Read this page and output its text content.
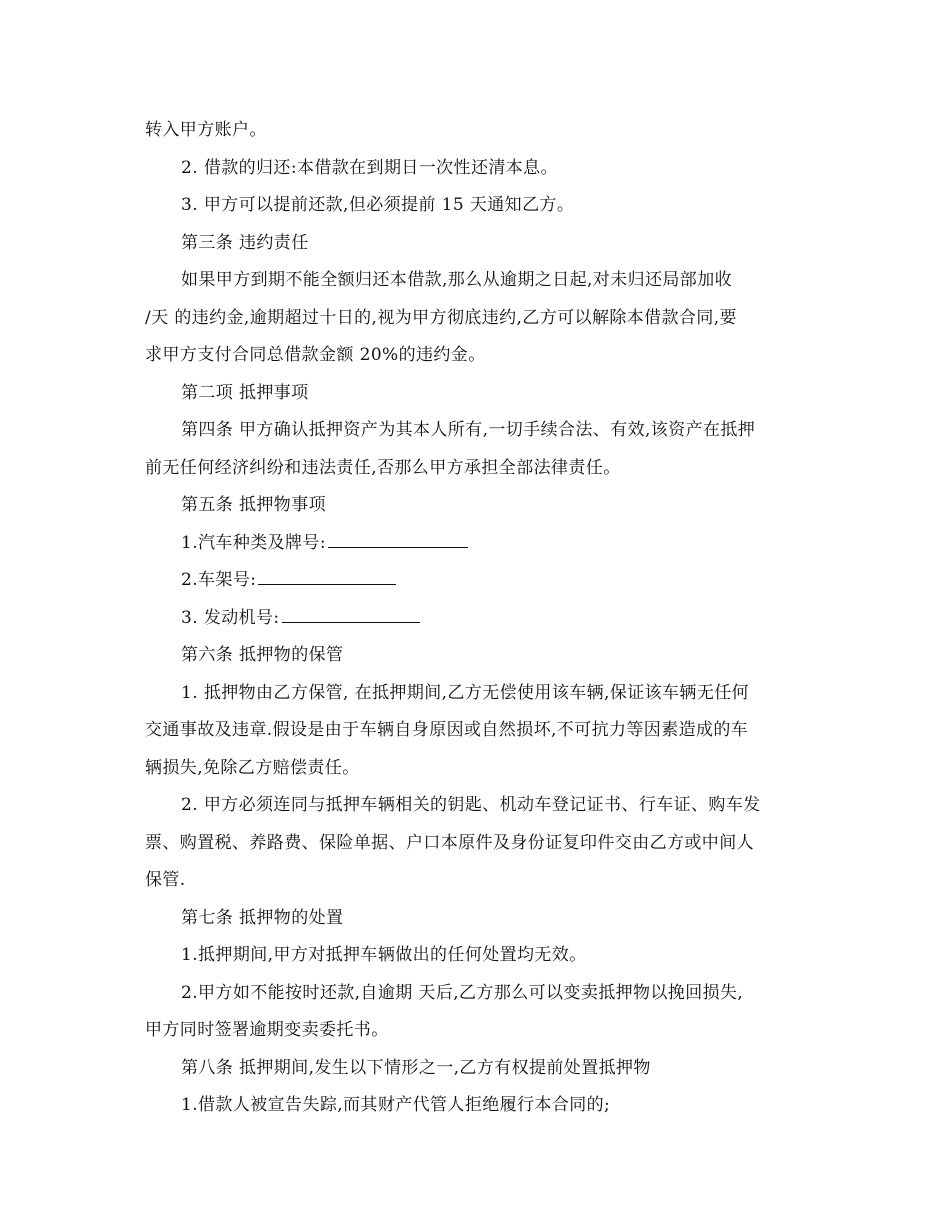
转入甲方账户。
2. 借款的归还:本借款在到期日一次性还清本息。
3. 甲方可以提前还款,但必须提前 15 天通知乙方。
第三条 违约责任
如果甲方到期不能全额归还本借款,那么从逾期之日起,对未归还局部加收
/天 的违约金,逾期超过十日的,视为甲方彻底违约,乙方可以解除本借款合同,要
求甲方支付合同总借款金额 20%的违约金。
第二项 抵押事项
第四条 甲方确认抵押资产为其本人所有,一切手续合法、有效,该资产在抵押
前无任何经济纠纷和违法责任,否那么甲方承担全部法律责任。
第五条 抵押物事项
1.汽车种类及牌号:
2.车架号:
3. 发动机号:
第六条 抵押物的保管
1. 抵押物由乙方保管, 在抵押期间,乙方无偿使用该车辆,保证该车辆无任何
交通事故及违章.假设是由于车辆自身原因或自然损坏,不可抗力等因素造成的车
辆损失,免除乙方赔偿责任。
2. 甲方必须连同与抵押车辆相关的钥匙、机动车登记证书、行车证、购车发
票、购置税、养路费、保险单据、户口本原件及身份证复印件交由乙方或中间人
保管.
第七条 抵押物的处置
1.抵押期间,甲方对抵押车辆做出的任何处置均无效。
2.甲方如不能按时还款,自逾期 天后,乙方那么可以变卖抵押物以挽回损失,
甲方同时签署逾期变卖委托书。
第八条 抵押期间,发生以下情形之一,乙方有权提前处置抵押物
1.借款人被宣告失踪,而其财产代管人拒绝履行本合同的;
